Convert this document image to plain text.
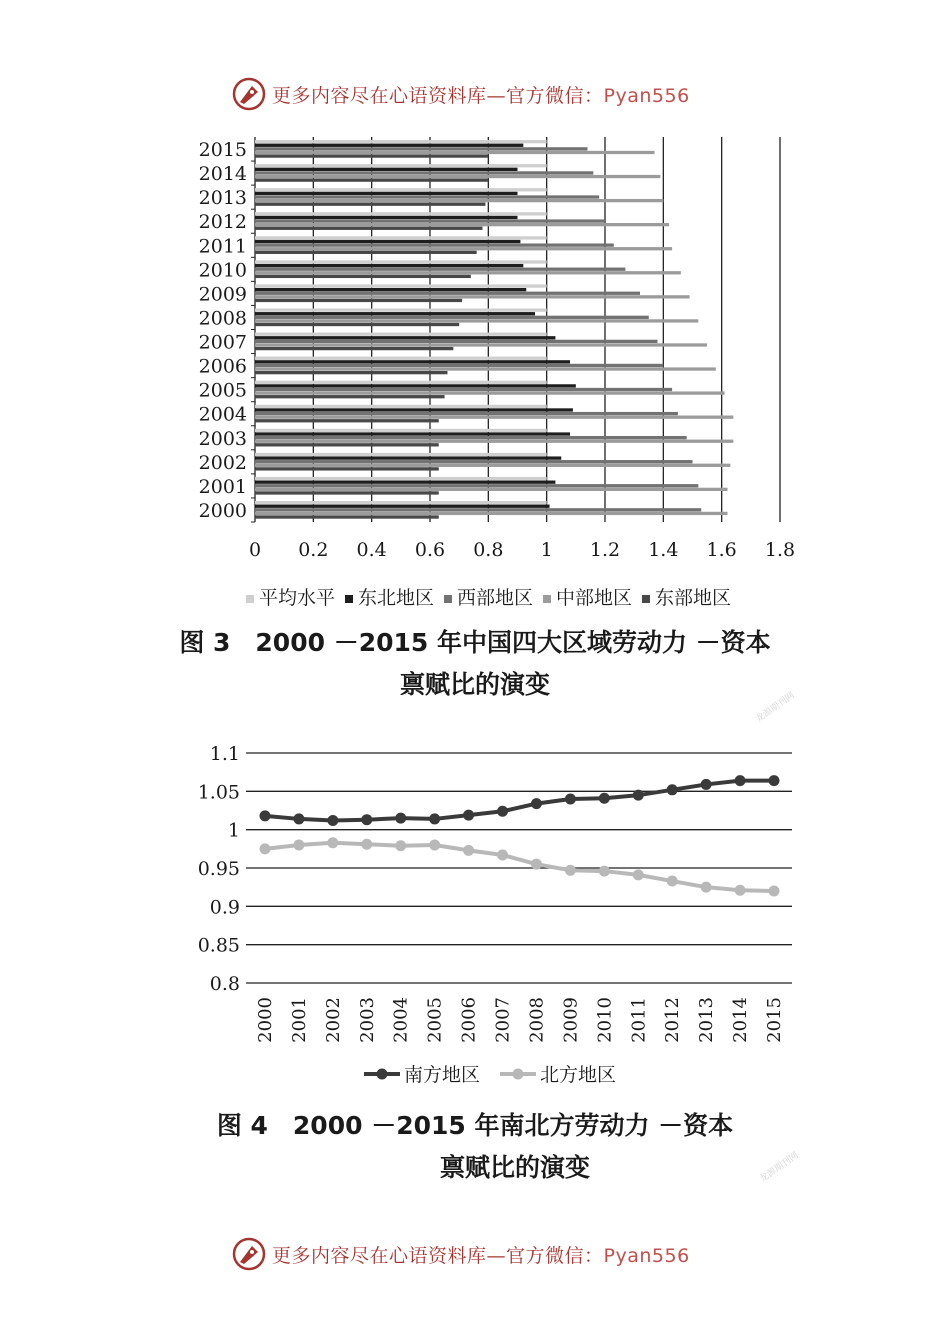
更多内容尽在心语资料库—官方微信：Pyan556
0 0.2 0.4 0.6 0.8 1 1.2 1.4 1.6 1.8
2000
2001
2002
2003
2004
2005
2006
2007
2008
2009
2010
2011
2012
2013
2014
2015
平均水平 东北地区 西部地区 中部地区 东部地区
图 3　2000 －2015 年中国四大区域劳动力 －资本
禀赋比的演变
龙源期刊网
0.8
0.85
0.9
0.95
1
1.05
1.1
2000 2001 2002 2003 2004 2005 2006 2007 2008 2009 2010 2011 2012 2013 2014 2015
南方地区	北方地区
图 4　2000 －2015 年南北方劳动力 －资本
禀赋比的演变	龙源期刊网
更多内容尽在心语资料库—官方微信：Pyan556
